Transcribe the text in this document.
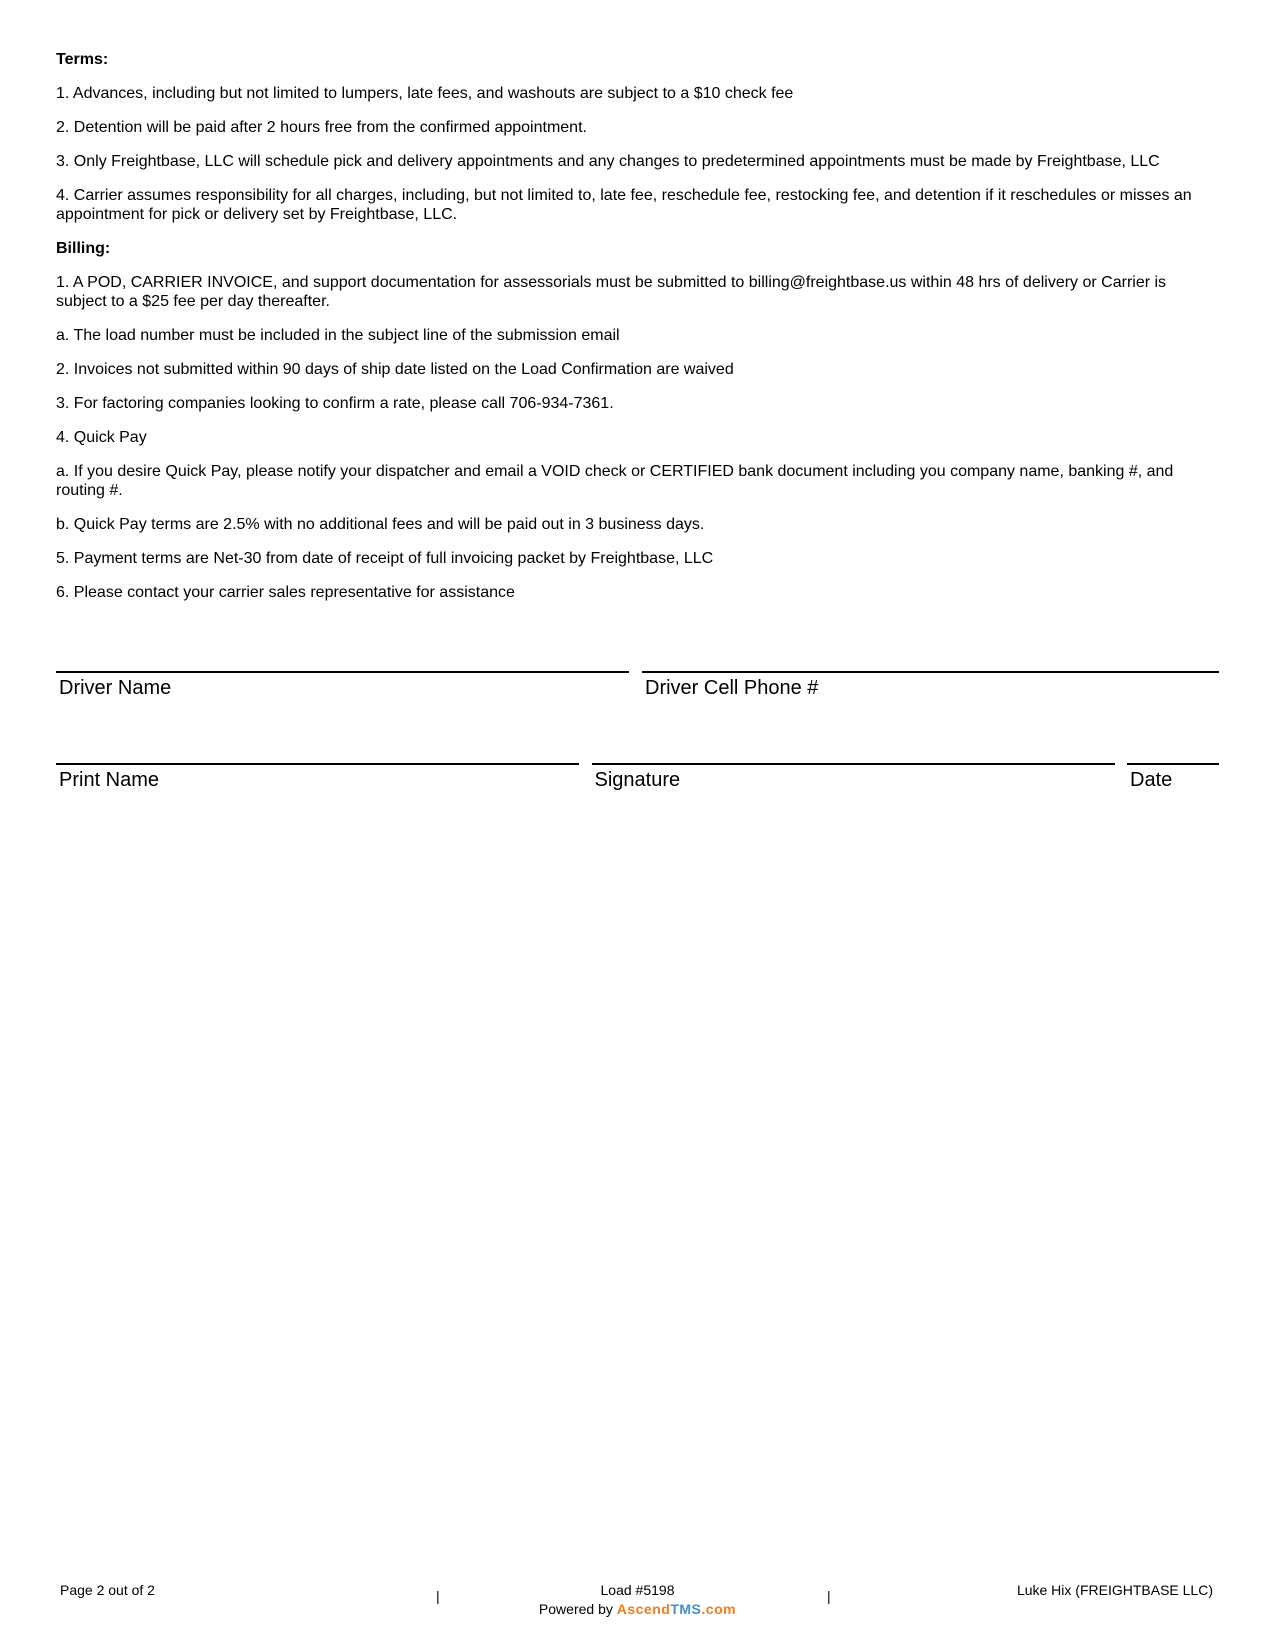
Terms:
1. Advances, including but not limited to lumpers, late fees, and washouts are subject to a $10 check fee
2. Detention will be paid after 2 hours free from the confirmed appointment.
3. Only Freightbase, LLC will schedule pick and delivery appointments and any changes to predetermined appointments must be made by Freightbase, LLC
4. Carrier assumes responsibility for all charges, including, but not limited to, late fee, reschedule fee, restocking fee, and detention if it reschedules or misses an appointment for pick or delivery set by Freightbase, LLC.
Billing:
1. A POD, CARRIER INVOICE, and support documentation for assessorials must be submitted to billing@freightbase.us within 48 hrs of delivery or Carrier is subject to a $25 fee per day thereafter.
a. The load number must be included in the subject line of the submission email
2. Invoices not submitted within 90 days of ship date listed on the Load Confirmation are waived
3. For factoring companies looking to confirm a rate, please call 706-934-7361.
4. Quick Pay
a. If you desire Quick Pay, please notify your dispatcher and email a VOID check or CERTIFIED bank document including you company name, banking #, and routing #.
b. Quick Pay terms are 2.5% with no additional fees and will be paid out in 3 business days.
5. Payment terms are Net-30 from date of receipt of full invoicing packet by Freightbase, LLC
6. Please contact your carrier sales representative for assistance
Driver Name	Driver Cell Phone #
Print Name	Signature	Date
Page 2 out of 2	|	Load #5198	|	Luke Hix (FREIGHTBASE LLC)
Powered by AscendTMS.com
